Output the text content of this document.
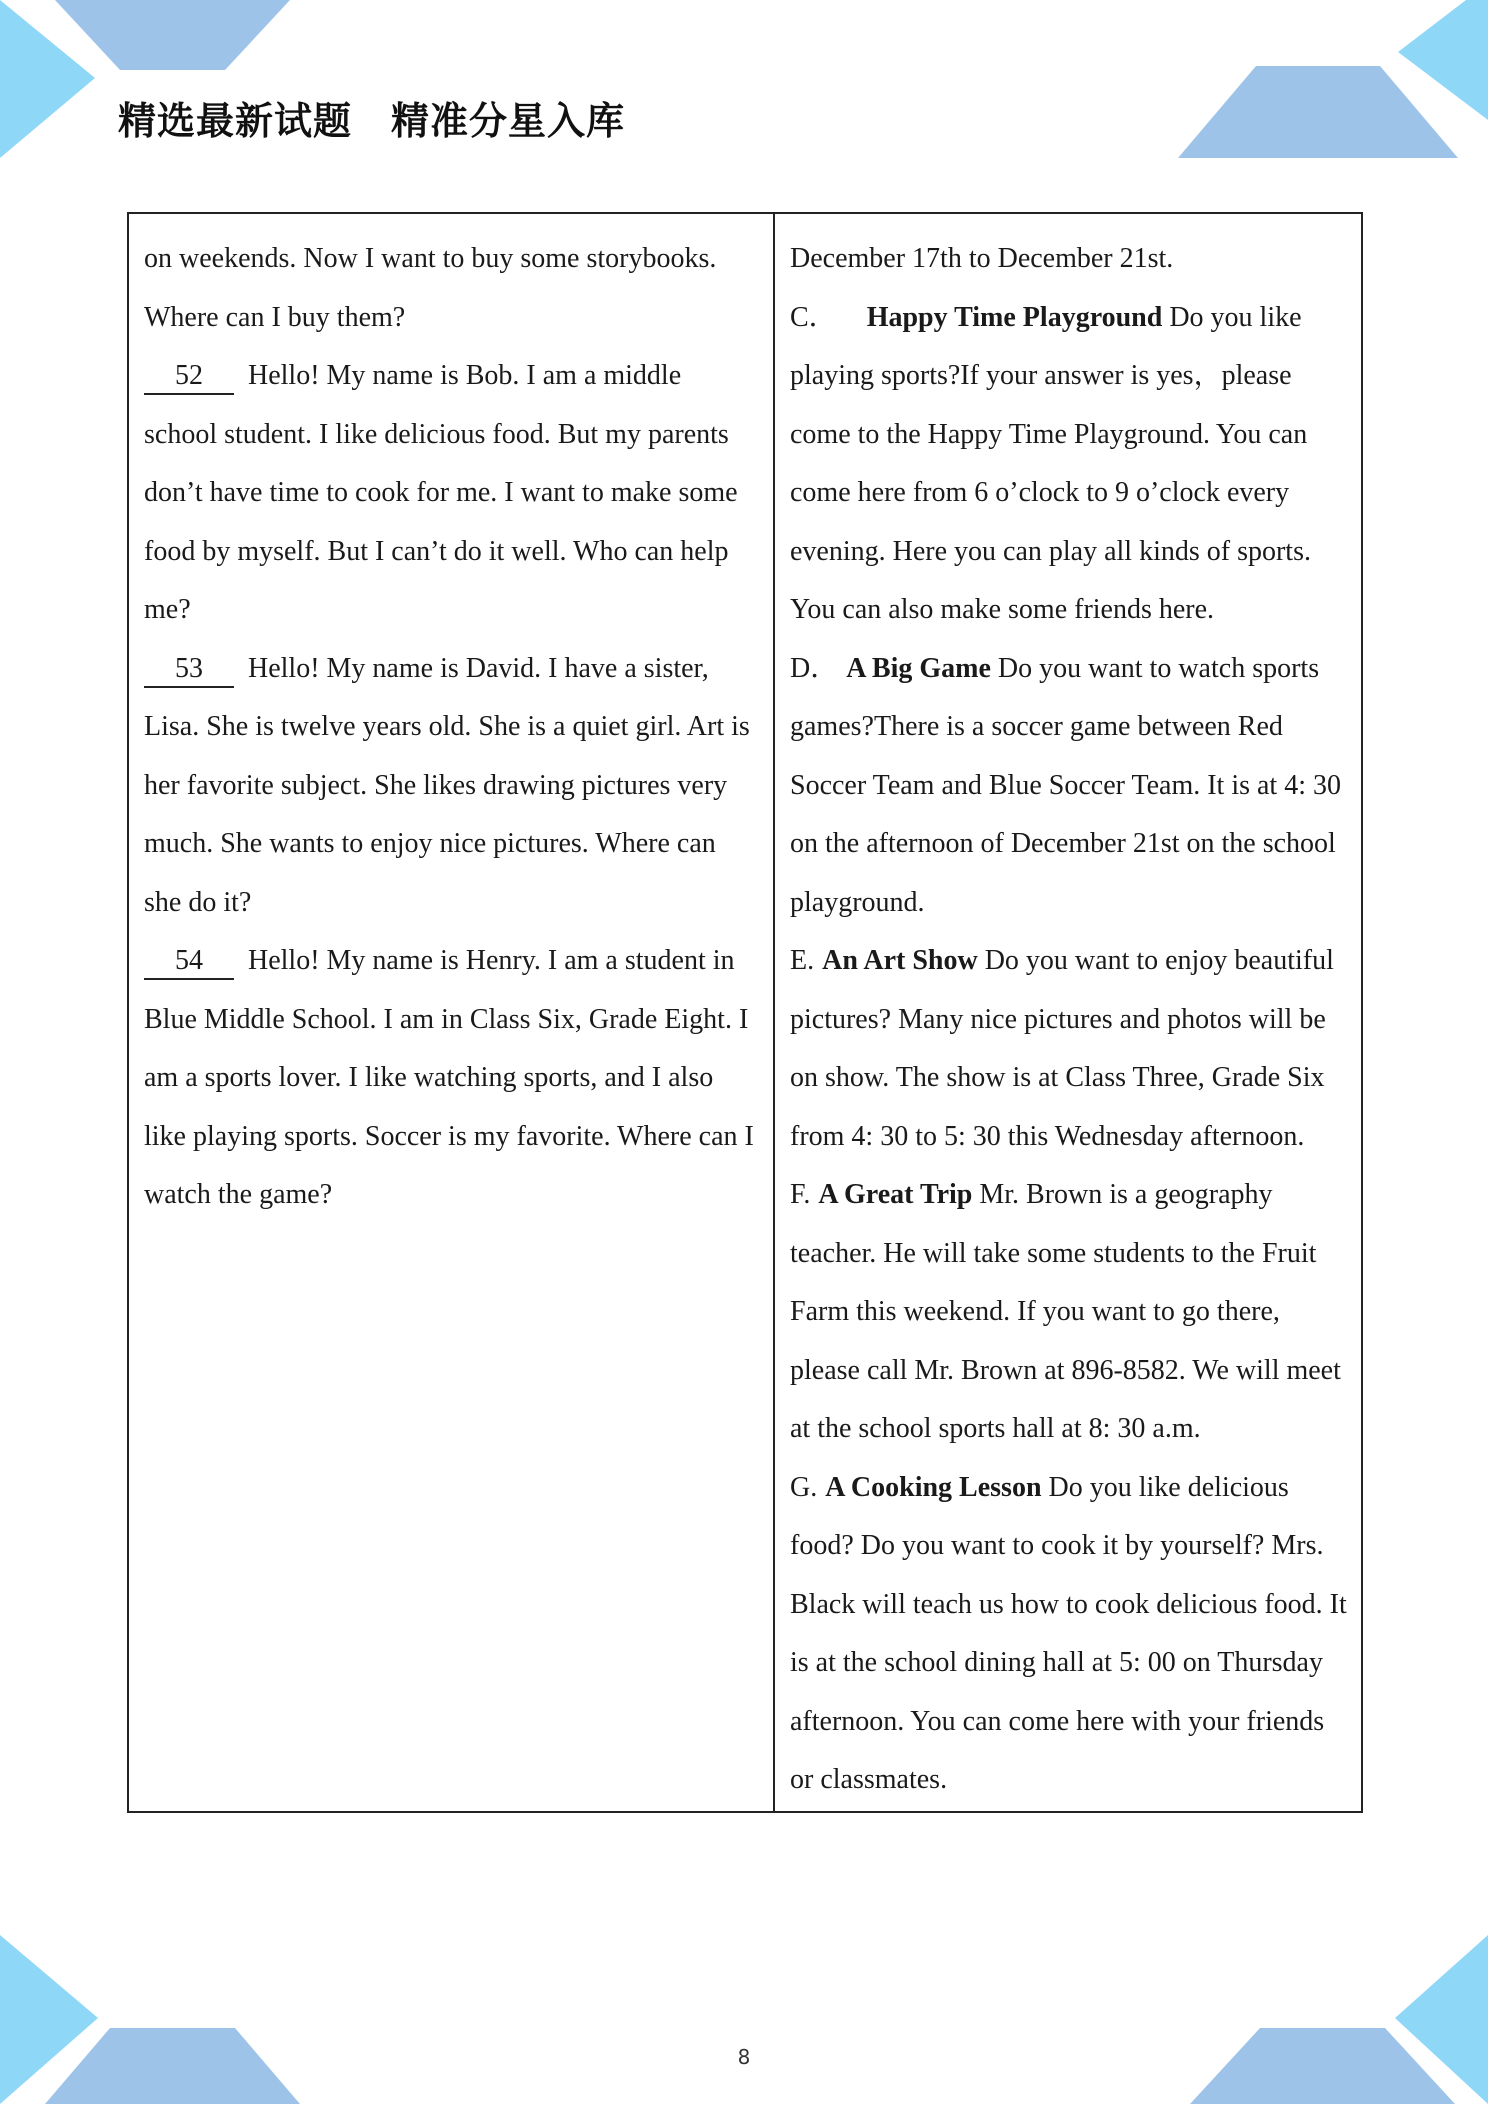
精选最新试题　精准分星入库

on weekends. Now I want to buy some storybooks. Where can I buy them?

52 Hello! My name is Bob. I am a middle school student. I like delicious food. But my parents don’t have time to cook for me. I want to make some food by myself. But I can’t do it well. Who can help me?

53 Hello! My name is David. I have a sister, Lisa. She is twelve years old. She is a quiet girl. Art is her favorite subject. She likes drawing pictures very much. She wants to enjoy nice pictures. Where can she do it?

54 Hello! My name is Henry. I am a student in Blue Middle School. I am in Class Six, Grade Eight. I am a sports lover. I like watching sports, and I also like playing sports. Soccer is my favorite. Where can I watch the game?

December 17th to December 21st.

C． Happy Time Playground Do you like playing sports?If your answer is yes，please come to the Happy Time Playground. You can come here from 6 o’clock to 9 o’clock every evening. Here you can play all kinds of sports. You can also make some friends here.

D． A Big Game Do you want to watch sports games?There is a soccer game between Red Soccer Team and Blue Soccer Team. It is at 4: 30 on the afternoon of December 21st on the school playground.

E. An Art Show Do you want to enjoy beautiful pictures? Many nice pictures and photos will be on show. The show is at Class Three, Grade Six from 4: 30 to 5: 30 this Wednesday afternoon.

F. A Great Trip Mr. Brown is a geography teacher. He will take some students to the Fruit Farm this weekend. If you want to go there, please call Mr. Brown at 896-8582. We will meet at the school sports hall at 8: 30 a.m.

G. A Cooking Lesson Do you like delicious food? Do you want to cook it by yourself? Mrs. Black will teach us how to cook delicious food. It is at the school dining hall at 5: 00 on Thursday afternoon. You can come here with your friends or classmates.

8
